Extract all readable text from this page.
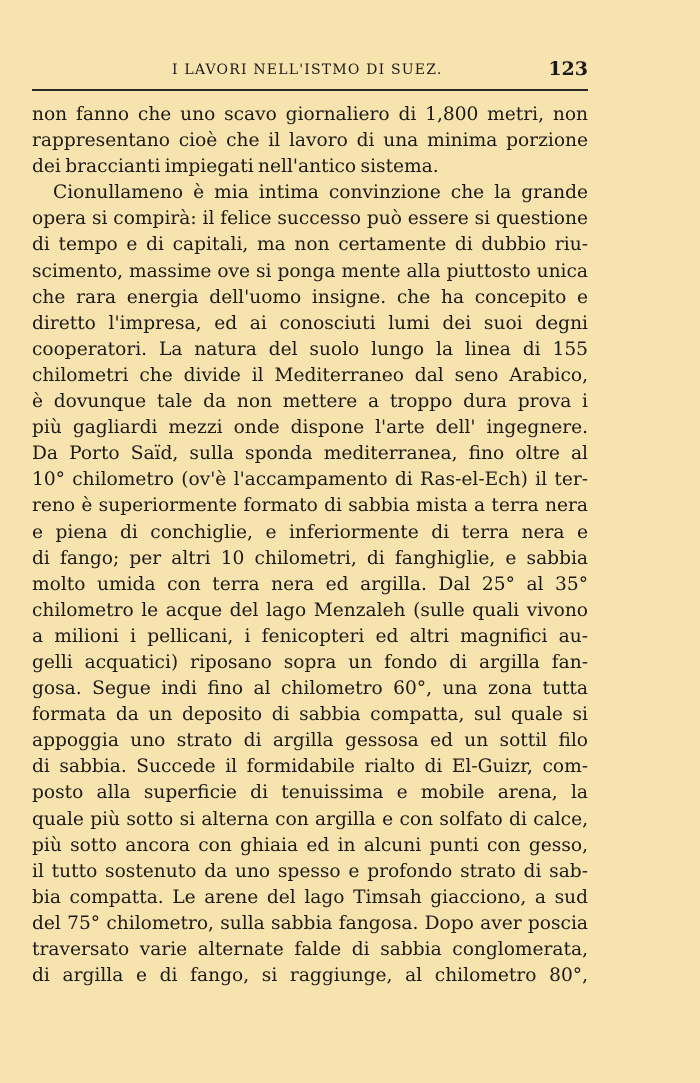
I LAVORI NELL'ISTMO DI SUEZ.	123
non fanno che uno scavo giornaliero di 1,800 metri, non
rappresentano cioè che il lavoro di una minima porzione
dei braccianti impiegati nell'antico sistema.
Cionullameno è mia intima convinzione che la grande
opera si compirà: il felice successo può essere si questione
di tempo e di capitali, ma non certamente di dubbio riu-
scimento, massime ove si ponga mente alla piuttosto unica
che rara energia dell'uomo insigne. che ha concepito e
diretto l'impresa, ed ai conosciuti lumi dei suoi degni
cooperatori. La natura del suolo lungo la linea di 155
chilometri che divide il Mediterraneo dal seno Arabico,
è dovunque tale da non mettere a troppo dura prova i
più gagliardi mezzi onde dispone l'arte dell' ingegnere.
Da Porto Saïd, sulla sponda mediterranea, fino oltre al
10° chilometro (ov'è l'accampamento di Ras-el-Ech) il ter-
reno è superiormente formato di sabbia mista a terra nera
e piena di conchiglie, e inferiormente di terra nera e
di fango; per altri 10 chilometri, di fanghiglie, e sabbia
molto umida con terra nera ed argilla. Dal 25° al 35°
chilometro le acque del lago Menzaleh (sulle quali vivono
a milioni i pellicani, i fenicopteri ed altri magnifici au-
gelli acquatici) riposano sopra un fondo di argilla fan-
gosa. Segue indi fino al chilometro 60°, una zona tutta
formata da un deposito di sabbia compatta, sul quale si
appoggia uno strato di argilla gessosa ed un sottil filo
di sabbia. Succede il formidabile rialto di El-Guizr, com-
posto alla superficie di tenuissima e mobile arena, la
quale più sotto si alterna con argilla e con solfato di calce,
più sotto ancora con ghiaia ed in alcuni punti con gesso,
il tutto sostenuto da uno spesso e profondo strato di sab-
bia compatta. Le arene del lago Timsah giacciono, a sud
del 75° chilometro, sulla sabbia fangosa. Dopo aver poscia
traversato varie alternate falde di sabbia conglomerata,
di argilla e di fango, si raggiunge, al chilometro 80°,
